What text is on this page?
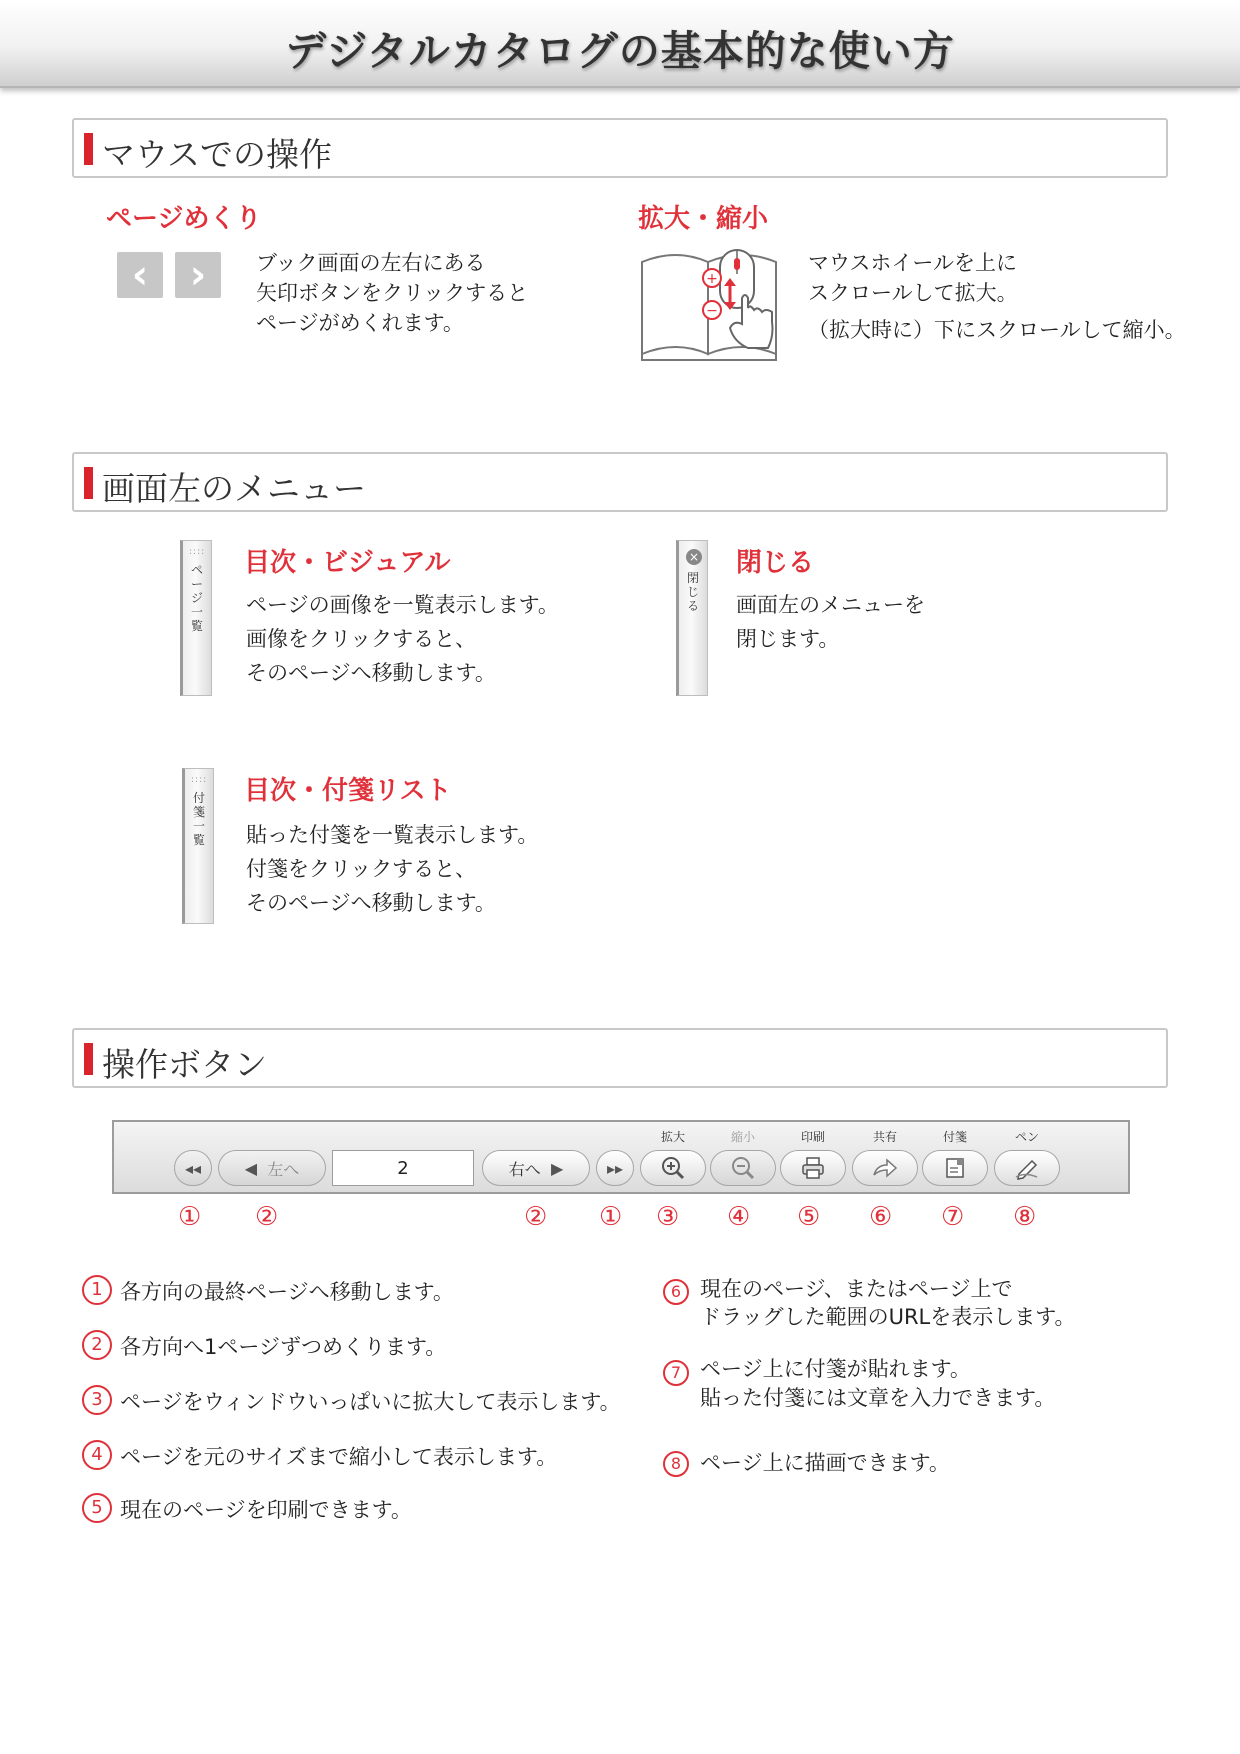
デジタルカタログの基本的な使い方
マウスでの操作
ページめくり
‹	›	ブック画面の左右にある
矢印ボタンをクリックすると
ページがめくれます。
拡大・縮小
+
−
マウスホイールを上に
スクロールして拡大。
（拡大時に）下にスクロールして縮小。
画面左のメニュー
::::
ペ
ー
ジ
一
覧
目次・ビジュアル
ページの画像を一覧表示します。
画像をクリックすると、
そのページへ移動します。
×
閉
じ
る
閉じる
画面左のメニューを
閉じます。
::::
付
箋
一
覧
目次・付箋リスト
貼った付箋を一覧表示します。
付箋をクリックすると、
そのページへ移動します。
操作ボタン
拡大	縮小	印刷	共有	付箋	ペン
◂◂	◀
左へ	2	右へ
▶	▸▸
① ②	② ① ③ ④ ⑤ ⑥ ⑦ ⑧
1 各方向の最終ページへ移動します。
2 各方向へ1ページずつめくります。
3 ページをウィンドウいっぱいに拡大して表示します。
4 ページを元のサイズまで縮小して表示します。
5 現在のページを印刷できます。
6 現在のページ、またはページ上で
ドラッグした範囲のURLを表示します。
7 ページ上に付箋が貼れます。
貼った付箋には文章を入力できます。
8 ページ上に描画できます。
